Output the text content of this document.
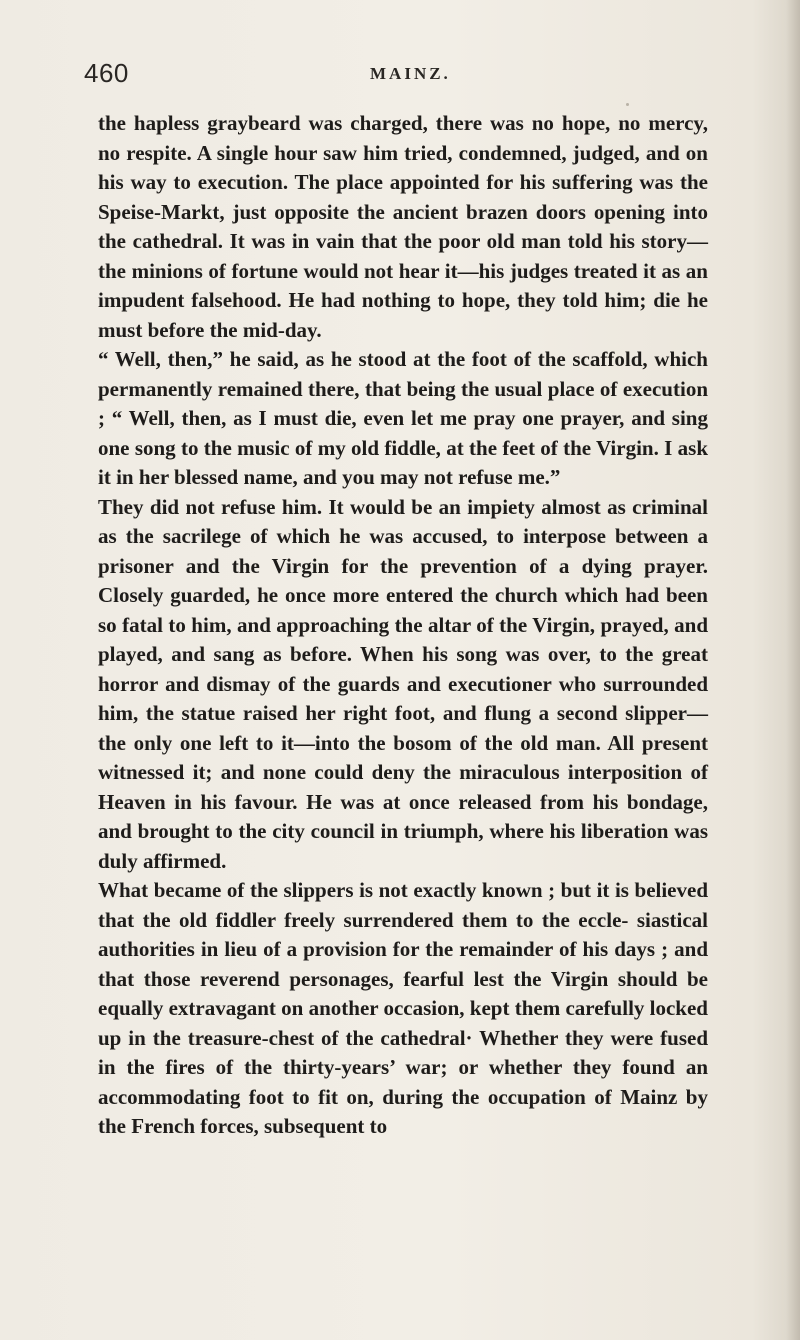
460	MAINZ.

the hapless graybeard was charged, there was no hope, no mercy, no respite. A single hour saw him tried, condemned, judged, and on his way to execution. The place appointed for his suffering was the Speise-Markt, just opposite the ancient brazen doors opening into the cathedral. It was in vain that the poor old man told his story—the minions of fortune would not hear it—his judges treated it as an impudent falsehood. He had nothing to hope, they told him; die he must before the mid-day.

“ Well, then,” he said, as he stood at the foot of the scaffold, which permanently remained there, that being the usual place of execution ; “ Well, then, as I must die, even let me pray one prayer, and sing one song to the music of my old fiddle, at the feet of the Virgin. I ask it in her blessed name, and you may not refuse me.”

They did not refuse him. It would be an impiety almost as criminal as the sacrilege of which he was accused, to interpose between a prisoner and the Virgin for the prevention of a dying prayer. Closely guarded, he once more entered the church which had been so fatal to him, and approaching the altar of the Virgin, prayed, and played, and sang as before. When his song was over, to the great horror and dismay of the guards and executioner who surrounded him, the statue raised her right foot, and flung a second slipper—the only one left to it—into the bosom of the old man. All present witnessed it; and none could deny the miraculous interposition of Heaven in his favour. He was at once released from his bondage, and brought to the city council in triumph, where his liberation was duly affirmed.

What became of the slippers is not exactly known ; but it is believed that the old fiddler freely surrendered them to the eccle- siastical authorities in lieu of a provision for the remainder of his days ; and that those reverend personages, fearful lest the Virgin should be equally extravagant on another occasion, kept them carefully locked up in the treasure-chest of the cathedral· Whether they were fused in the fires of the thirty-years’ war; or whether they found an accommodating foot to fit on, during the occupation of Mainz by the French forces, subsequent to
